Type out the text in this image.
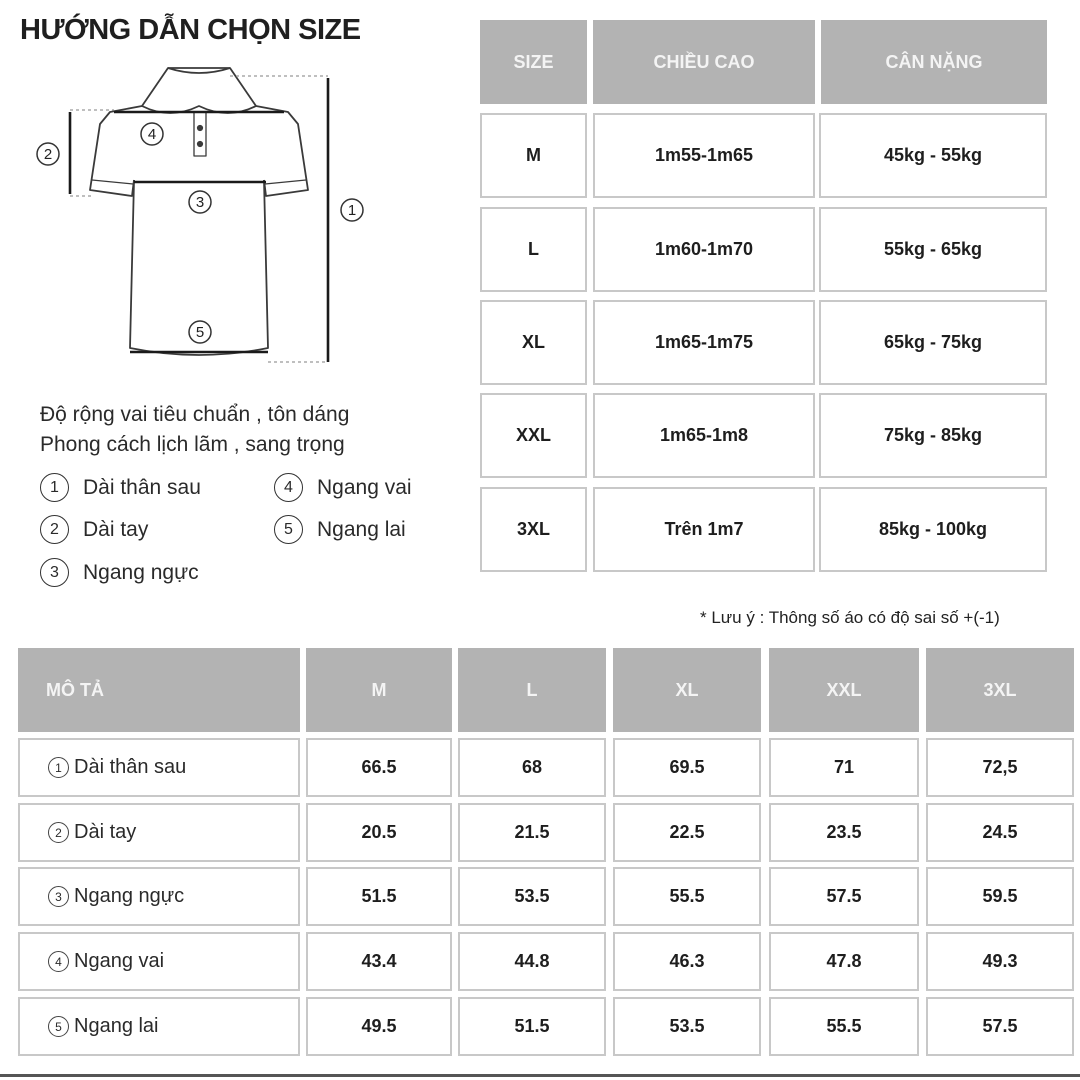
HƯỚNG DẪN CHỌN SIZE
4
2
3	1
5
Độ rộng vai tiêu chuẩn , tôn dáng
Phong cách lịch lãm , sang trọng
1	Dài thân sau
2	Dài tay
3	Ngang ngực
4	Ngang vai
5	Ngang lai
SIZE	CHIỀU CAO	CÂN NẶNG
M	1m55-1m65	45kg - 55kg
L	1m60-1m70	55kg - 65kg
XL	1m65-1m75	65kg - 75kg
XXL	1m65-1m8	75kg - 85kg
3XL	Trên 1m7	85kg - 100kg
* Lưu ý : Thông số áo có độ sai số +(-1)
MÔ TẢ	M	L	XL	XXL	3XL
1 Dài thân sau	66.5	68	69.5	71	72,5
2 Dài tay	20.5	21.5	22.5	23.5	24.5
3 Ngang ngực	51.5	53.5	55.5	57.5	59.5
4 Ngang vai	43.4	44.8	46.3	47.8	49.3
5 Ngang lai	49.5	51.5	53.5	55.5	57.5
